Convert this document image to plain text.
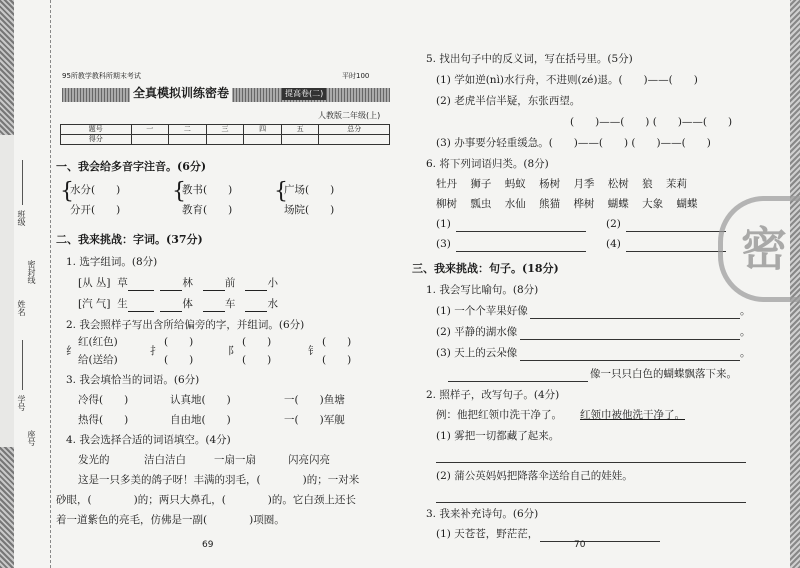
班级
姓名
密封线
学号
座号
95所教学教科所期末考试	平时100
全真模拟训练密卷	提高卷(二)
人教版二年级(上)
题号	一	二	三	四	五	总分
得分						
一、我会给多音字注音。(6分)
{
水分(　　)
分开(　　)
{
教书(　　)
教育(　　)
{
广场(　　)
场院(　　)
二、我来挑战：字词。(37分)
1. 选字组词。(8分)
[从 丛] 草	林	前	小
[汽 气] 生	体	车	水
2. 我会照样子写出含所给偏旁的字，并组词。(6分)
纟
红(红色)
给(送给)
扌
(　　)
(　　)
阝
(　　)
(　　)
钅
(　　)
(　　)
3. 我会填恰当的词语。(6分)
冷得(　　)	认真地(　　)	一(　　)鱼塘
热得(　　)	自由地(　　)	一(　　)军舰
4. 我会选择合适的词语填空。(4分)
发光的	洁白洁白	一扇一扇	闪亮闪亮
这是一只多美的鸽子呀！丰满的羽毛，(　　　　)的；一对米
砂眼，(　　　　)的；两只大鼻孔，(　　　　)的。它白颈上还长
着一道紫色的亮毛，仿佛是一副(　　　　)项圈。
69
5. 找出句子中的反义词，写在括号里。(5分)
(1) 学如逆(nì)水行舟，不进则(zé)退。(　　)——(　　)
(2) 老虎半信半疑，东张西望。
(　　)——(　　) (　　)——(　　)
(3) 办事要分轻重缓急。(　　)——(　　) (　　)——(　　)
6. 将下列词语归类。(8分)
牡丹 狮子 蚂蚁 杨树 月季 松树 狼 茉莉
柳树 瓢虫 水仙 熊猫 桦树 蝴蝶 大象 蝴蝶
(1)	(2)
(3)	(4)
三、我来挑战：句子。(18分)
1. 我会写比喻句。(8分)
(1) 一个个苹果好像	。
(2) 平静的湖水像	。
(3) 天上的云朵像	。
像一只只白色的蝴蝶飘落下来。
2. 照样子，改写句子。(4分)
例：他把红领巾洗干净了。 红领巾被他洗干净了。
(1) 雾把一切都藏了起来。
(2) 蒲公英妈妈把降落伞送给自己的娃娃。
3. 我来补充诗句。(6分)
(1) 天苍苍，野茫茫，
70
密
